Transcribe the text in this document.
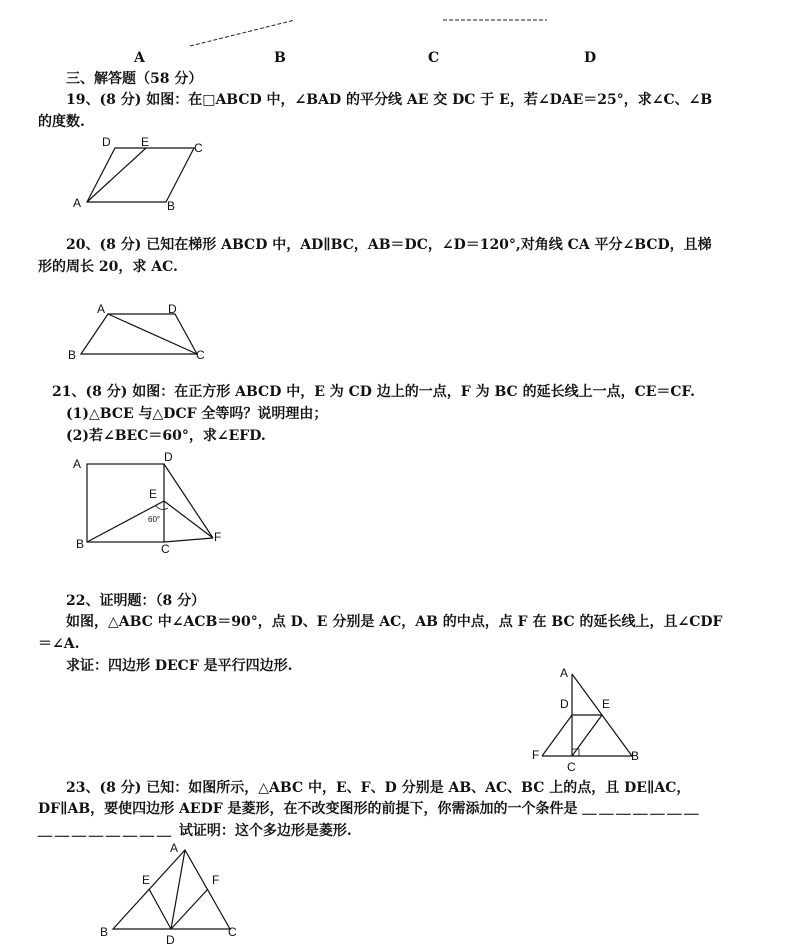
A	B	C	D
三、解答题（58 分）
19、(8 分) 如图：在□ABCD 中，∠BAD 的平分线 AE 交 DC 于 E，若∠DAE＝25°，求∠C、∠B
的度数.
A	B
C
D	E
20、(8 分) 已知在梯形 ABCD 中，AD∥BC，AB＝DC，∠D＝120°,对角线 CA 平分∠BCD，且梯
形的周长 20，求 AC.
A
B	C
D
21、(8 分) 如图：在正方形 ABCD 中，E 为 CD 边上的一点，F 为 BC 的延长线上一点，CE＝CF.
(1)△BCE 与△DCF 全等吗？说明理由；
(2)若∠BEC＝60°，求∠EFD.
A
B	C
D
E
F
60°
22、证明题：（8 分）
如图，△ABC 中∠ACB＝90°，点 D、E 分别是 AC，AB 的中点，点 F 在 BC 的延长线上，且∠CDF
＝∠A.
求证：四边形 DECF 是平行四边形.	A
B
C
D	E
F
23、(8 分) 已知：如图所示，△ABC 中，E、F、D 分别是 AB、AC、BC 上的点，且 DE∥AC，
DF∥AB，要使四边形 AEDF 是菱形，在不改变图形的前提下，你需添加的一个条件是 ＿＿＿＿＿＿＿
＿＿＿＿＿＿＿＿ 试证明：这个多边形是菱形.
A
B	C
D
E	F
